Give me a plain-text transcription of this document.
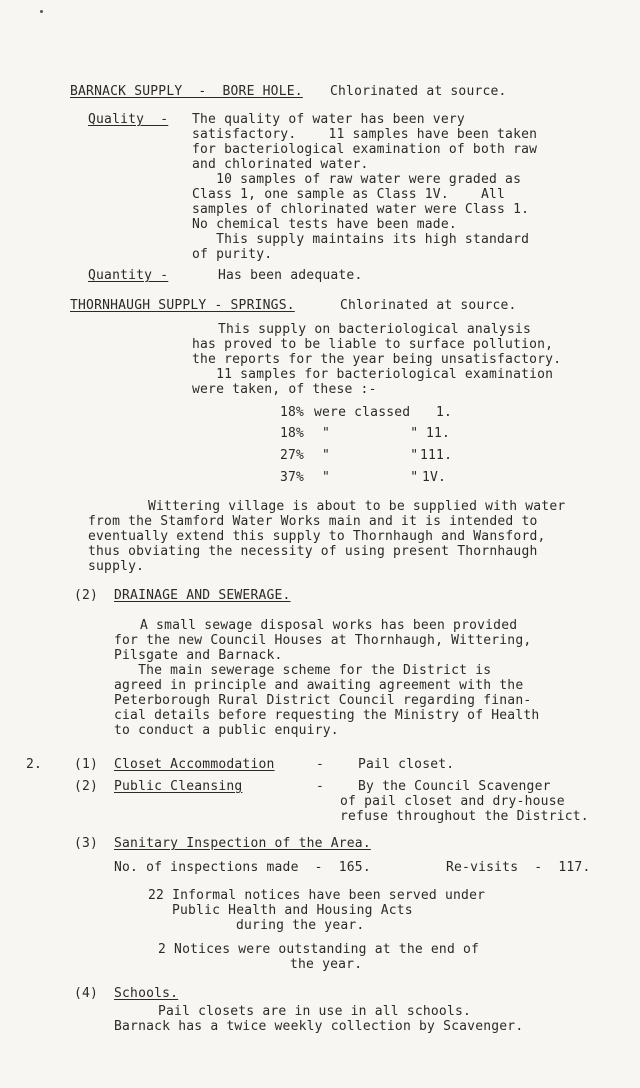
BARNACK SUPPLY  -  BORE HOLE. Chlorinated at source.
Quality  - The quality of water has been very
satisfactory.    11 samples have been taken
for bacteriological examination of both raw
and chlorinated water.
10 samples of raw water were graded as
Class 1, one sample as Class 1V.    All
samples of chlorinated water were Class 1.
No chemical tests have been made.
This supply maintains its high standard
of purity.
Quantity -	Has been adequate.
THORNHAUGH SUPPLY - SPRINGS.	Chlorinated at source.
This supply on bacteriological analysis
has proved to be liable to surface pollution,
the reports for the year being unsatisfactory.
11 samples for bacteriological examination
were taken, of these :-
18% were classed 1.
18% "          " 11.
27% "          " 111.
37% "          " 1V.
Wittering village is about to be supplied with water
from the Stamford Water Works main and it is intended to
eventually extend this supply to Thornhaugh and Wansford,
thus obviating the necessity of using present Thornhaugh
supply.
(2) DRAINAGE AND SEWERAGE.
A small sewage disposal works has been provided
for the new Council Houses at Thornhaugh, Wittering,
Pilsgate and Barnack.
The main sewerage scheme for the District is
agreed in principle and awaiting agreement with the
Peterborough Rural District Council regarding finan-
cial details before requesting the Ministry of Health
to conduct a public enquiry.
2. (1) Closet Accommodation	-	Pail closet.
(2) Public Cleansing	-	By the Council Scavenger
of pail closet and dry-house
refuse throughout the District.
(3) Sanitary Inspection of the Area.
No. of inspections made  -  165.	Re-visits  -  117.
22 Informal notices have been served under
Public Health and Housing Acts
during the year.
2 Notices were outstanding at the end of
the year.
(4) Schools.
Pail closets are in use in all schools.
Barnack has a twice weekly collection by Scavenger.
